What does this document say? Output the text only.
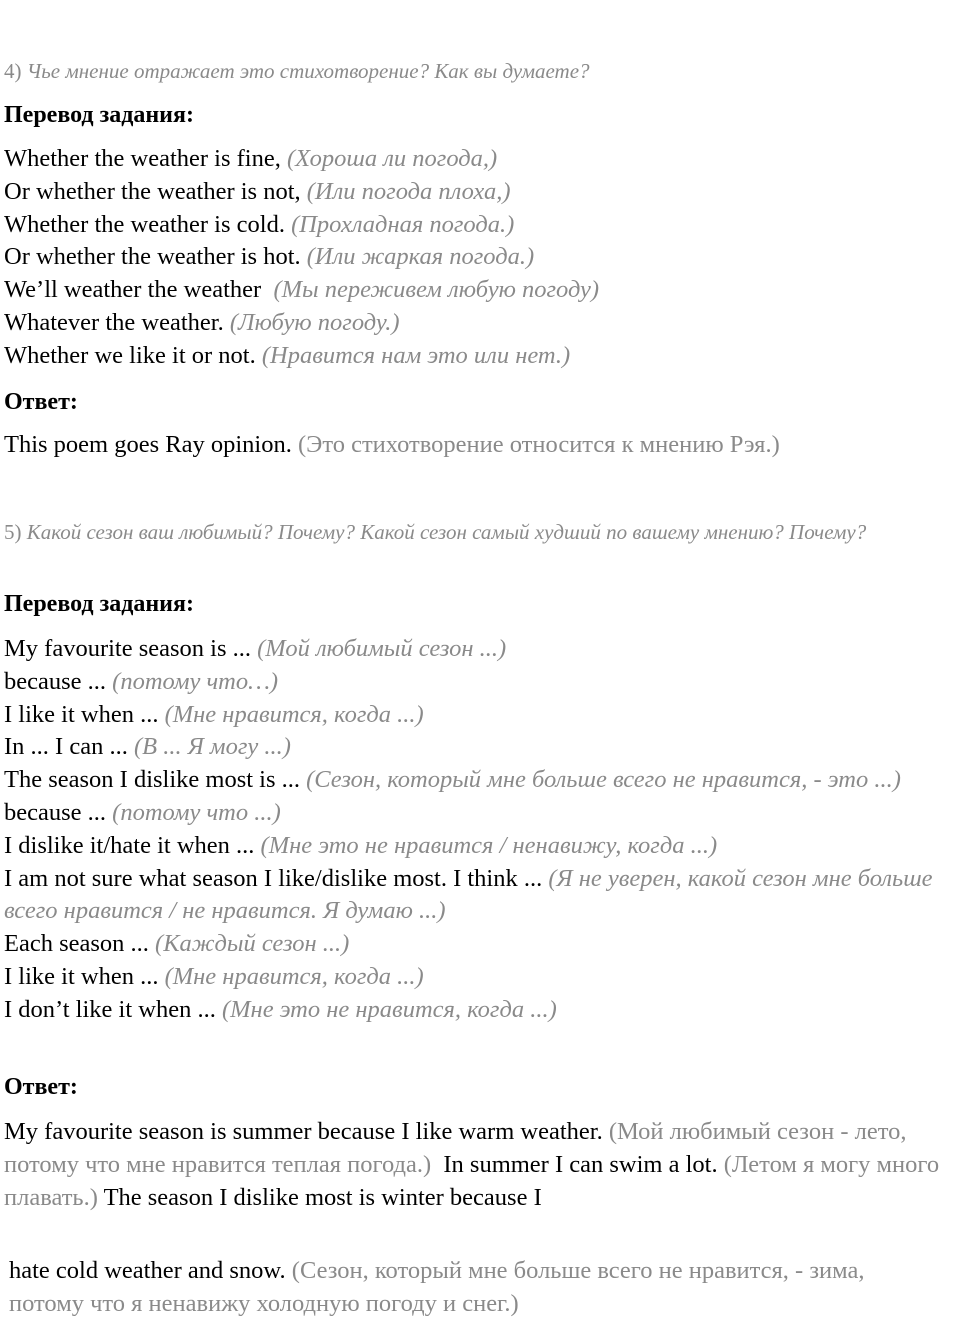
4) Чье мнение отражает это стихотворение? Как вы думаете?

Перевод задания:
Whether the weather is fine, (Хороша ли погода,)
Or whether the weather is not, (Или погода плоха,)
Whether the weather is cold. (Прохладная погода.)
Or whether the weather is hot. (Или жаркая погода.)
We’ll weather the weather (Мы переживем любую погоду)
Whatever the weather. (Любую погоду.)
Whether we like it or not. (Нравится нам это или нет.)
Ответ:
This poem goes Ray opinion. (Это стихотворение относится к мнению Рэя.)

5) Какой сезон ваш любимый? Почему? Какой сезон самый худший по вашему мнению? Почему?

Перевод задания:
My favourite season is ... (Мой любимый сезон ...)
because ... (потому что…)
I like it when ... (Мне нравится, когда ...)
In ... I can ... (В ... Я могу ...)
The season I dislike most is ... (Сезон, который мне больше всего не нравится, - это ...)
because ... (потому что ...)
I dislike it/hate it when ... (Мне это не нравится / ненавижу, когда ...)
I am not sure what season I like/dislike most. I think ... (Я не уверен, какой сезон мне больше всего нравится / не нравится. Я думаю ...)
Each season ... (Каждый сезон ...)
I like it when ... (Мне нравится, когда ...)
I don’t like it when ... (Мне это не нравится, когда ...)
Ответ:
My favourite season is summer because I like warm weather. (Мой любимый сезон - лето, потому что мне нравится теплая погода.) In summer I can swim a lot. (Летом я могу много плавать.) The season I dislike most is winter because I
hate cold weather and snow. (Сезон, который мне больше всего не нравится, - зима, потому что я ненавижу холодную погоду и снег.)
